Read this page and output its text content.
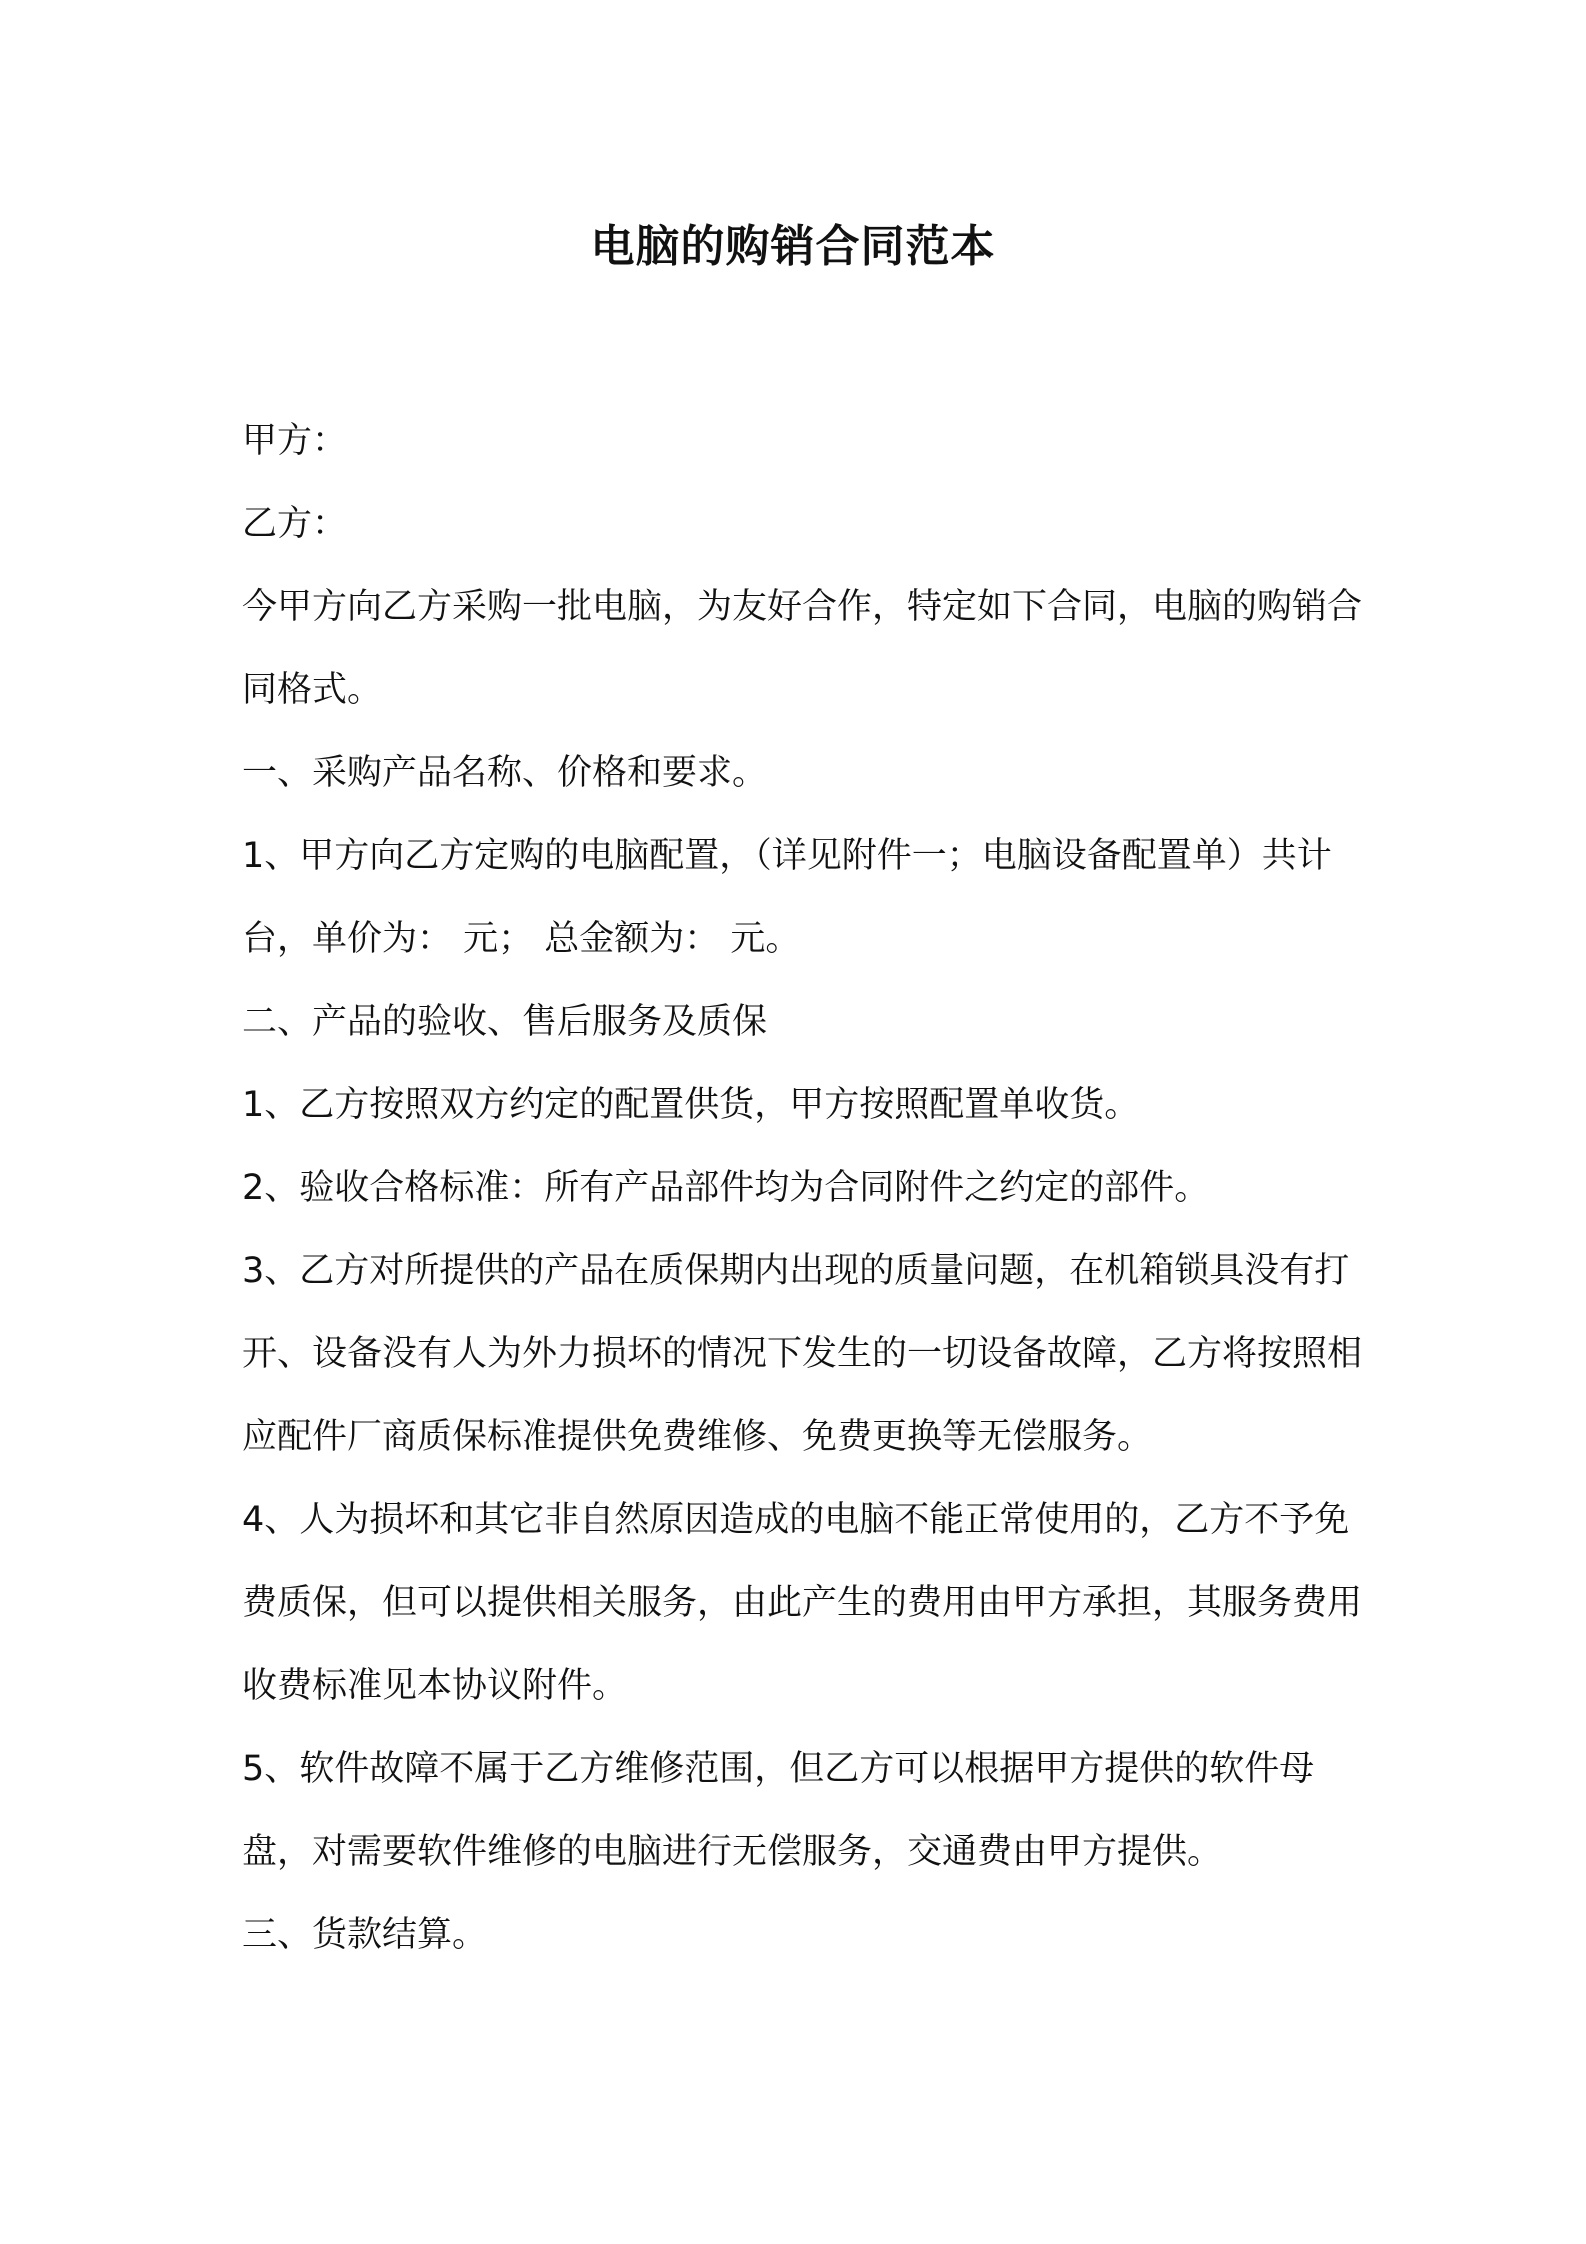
电脑的购销合同范本

甲方：

乙方：

今甲方向乙方采购一批电脑，为友好合作，特定如下合同，电脑的购销合同格式。

一、采购产品名称、价格和要求。

1、甲方向乙方定购的电脑配置，（详见附件一；电脑设备配置单）共计 台，单价为： 元； 总金额为： 元。

二、产品的验收、售后服务及质保

1、乙方按照双方约定的配置供货，甲方按照配置单收货。

2、验收合格标准：所有产品部件均为合同附件之约定的部件。

3、乙方对所提供的产品在质保期内出现的质量问题，在机箱锁具没有打开、设备没有人为外力损坏的情况下发生的一切设备故障，乙方将按照相应配件厂商质保标准提供免费维修、免费更换等无偿服务。

4、人为损坏和其它非自然原因造成的电脑不能正常使用的，乙方不予免费质保，但可以提供相关服务，由此产生的费用由甲方承担，其服务费用收费标准见本协议附件。

5、软件故障不属于乙方维修范围，但乙方可以根据甲方提供的软件母盘，对需要软件维修的电脑进行无偿服务，交通费由甲方提供。

三、货款结算。
